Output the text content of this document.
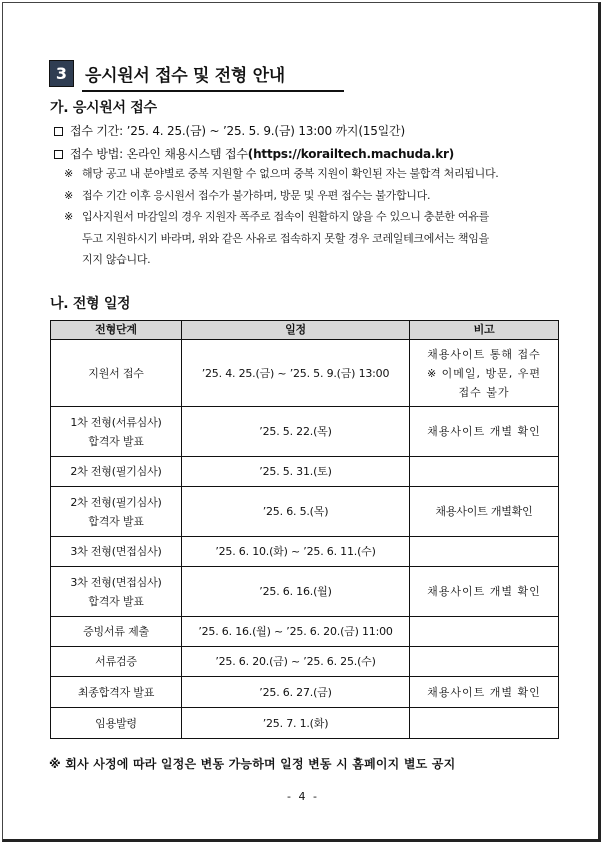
3	응시원서 접수 및 전형 안내
가. 응시원서 접수
접수 기간: ’25. 4. 25.(금) ~ ’25. 5. 9.(금) 13:00 까지(15일간)
접수 방법: 온라인 채용시스템 접수(https://korailtech.machuda.kr)
※ 해당 공고 내 분야별로 중복 지원할 수 없으며 중복 지원이 확인된 자는 불합격 처리됩니다.
※ 접수 기간 이후 응시원서 접수가 불가하며, 방문 및 우편 접수는 불가합니다.
※ 입사지원서 마감일의 경우 지원자 폭주로 접속이 원활하지 않을 수 있으니 충분한 여유를
두고 지원하시기 바라며, 위와 같은 사유로 접속하지 못할 경우 코레일테크에서는 책임을
지지 않습니다.
나. 전형 일정
전형단계	일정	비고
지원서 접수	’25. 4. 25.(금) ~ ’25. 5. 9.(금) 13:00	채용사이트 통해 접수
※ 이메일, 방문, 우편
접수 불가

1차 전형(서류심사)
합격자 발표	’25. 5. 22.(목)	채용사이트 개별 확인
2차 전형(필기심사)	’25. 5. 31.(토)	

2차 전형(필기심사)
합격자 발표	’25. 6. 5.(목)	채용사이트 개별확인
3차 전형(면접심사)	’25. 6. 10.(화) ~ ’25. 6. 11.(수)	

3차 전형(면접심사)
합격자 발표	’25. 6. 16.(월)	채용사이트 개별 확인
증빙서류 제출	’25. 6. 16.(월) ~ ’25. 6. 20.(금) 11:00	
서류검증	’25. 6. 20.(금) ~ ’25. 6. 25.(수)	
최종합격자 발표	’25. 6. 27.(금)	채용사이트 개별 확인
임용발령	’25. 7. 1.(화)	
※ 회사 사정에 따라 일정은 변동 가능하며 일정 변동 시 홈페이지 별도 공지
- 4 -
